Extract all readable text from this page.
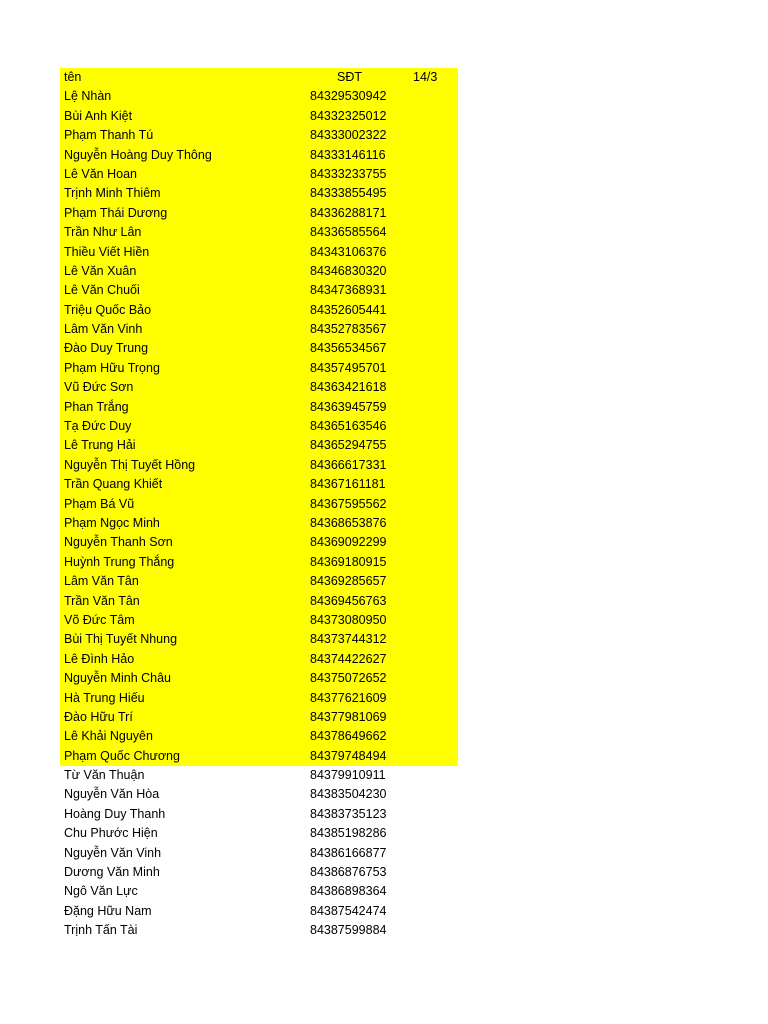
tên	SĐT	14/3
Lệ Nhàn	84329530942
Bùi Anh Kiệt	84332325012
Phạm Thanh Tú	84333002322
Nguyễn Hoàng Duy Thông	84333146116
Lê Văn Hoan	84333233755
Trịnh Minh Thiêm	84333855495
Phạm Thái Dương	84336288171
Trần Như Lân	84336585564
Thiều Viết Hiền	84343106376
Lê Văn Xuân	84346830320
Lê Văn Chuối	84347368931
Triệu Quốc Bảo	84352605441
Lâm Văn Vinh	84352783567
Đào Duy Trung	84356534567
Phạm Hữu Trọng	84357495701
Vũ Đức Sơn	84363421618
Phan Trắng	84363945759
Tạ Đức Duy	84365163546
Lê Trung Hải	84365294755
Nguyễn Thị Tuyết Hồng	84366617331
Trần Quang Khiết	84367161181
Phạm Bá Vũ	84367595562
Phạm Ngọc Minh	84368653876
Nguyễn Thanh Sơn	84369092299
Huỳnh Trung Thắng	84369180915
Lâm Văn Tân	84369285657
Trần Văn Tân	84369456763
Võ Đức Tâm	84373080950
Bùi Thị Tuyết Nhung	84373744312
Lê Đình Hảo	84374422627
Nguyễn Minh Châu	84375072652
Hà Trung Hiếu	84377621609
Đào Hữu Trí	84377981069
Lê Khải Nguyên	84378649662
Phạm Quốc Chương	84379748494
Từ Văn Thuận	84379910911
Nguyễn Văn Hòa	84383504230
Hoàng Duy Thanh	84383735123
Chu Phước Hiện	84385198286
Nguyễn Văn Vinh	84386166877
Dương Văn Minh	84386876753
Ngô Văn Lực	84386898364
Đặng Hữu Nam	84387542474
Trịnh Tấn Tài	84387599884
